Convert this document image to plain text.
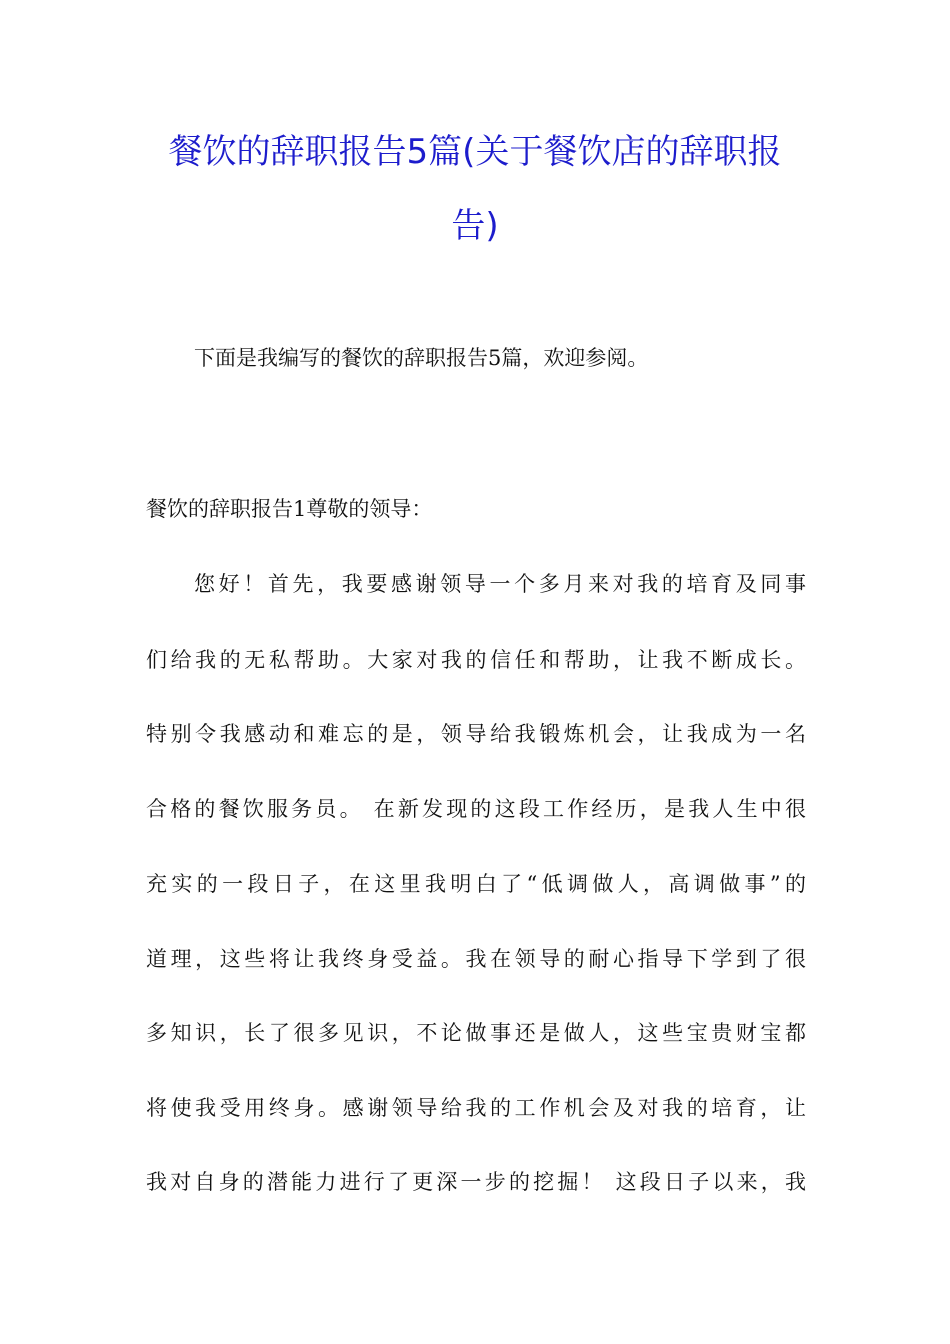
餐饮的辞职报告5篇(关于餐饮店的辞职报
告)
下面是我编写的餐饮的辞职报告5篇，欢迎参阅。
餐饮的辞职报告1尊敬的领导：
您好！首先，我要感谢领导一个多月来对我的培育及同事
们给我的无私帮助。大家对我的信任和帮助，让我不断成长。
特别令我感动和难忘的是，领导给我锻炼机会，让我成为一名
合格的餐饮服务员。 在新发现的这段工作经历，是我人生中很
充实的一段日子，在这里我明白了“低调做人，高调做事”的
道理，这些将让我终身受益。我在领导的耐心指导下学到了很
多知识，长了很多见识，不论做事还是做人，这些宝贵财宝都
将使我受用终身。感谢领导给我的工作机会及对我的培育，让
我对自身的潜能力进行了更深一步的挖掘！ 这段日子以来，我
